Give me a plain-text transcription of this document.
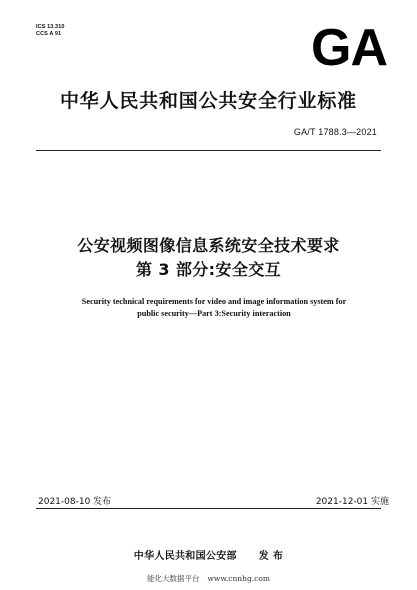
ICS 13.310
CCS A 91	GA
中华人民共和国公共安全行业标准
GA/T 1788.3—2021
公安视频图像信息系统安全技术要求
第 3 部分:安全交互
Security technical requirements for video and image information system for
public security—Part 3:Security interaction
2021-08-10 发布	2021-12-01 实施
中华人民共和国公安部 发 布
能化大数据平台 www.cnnhg.com
